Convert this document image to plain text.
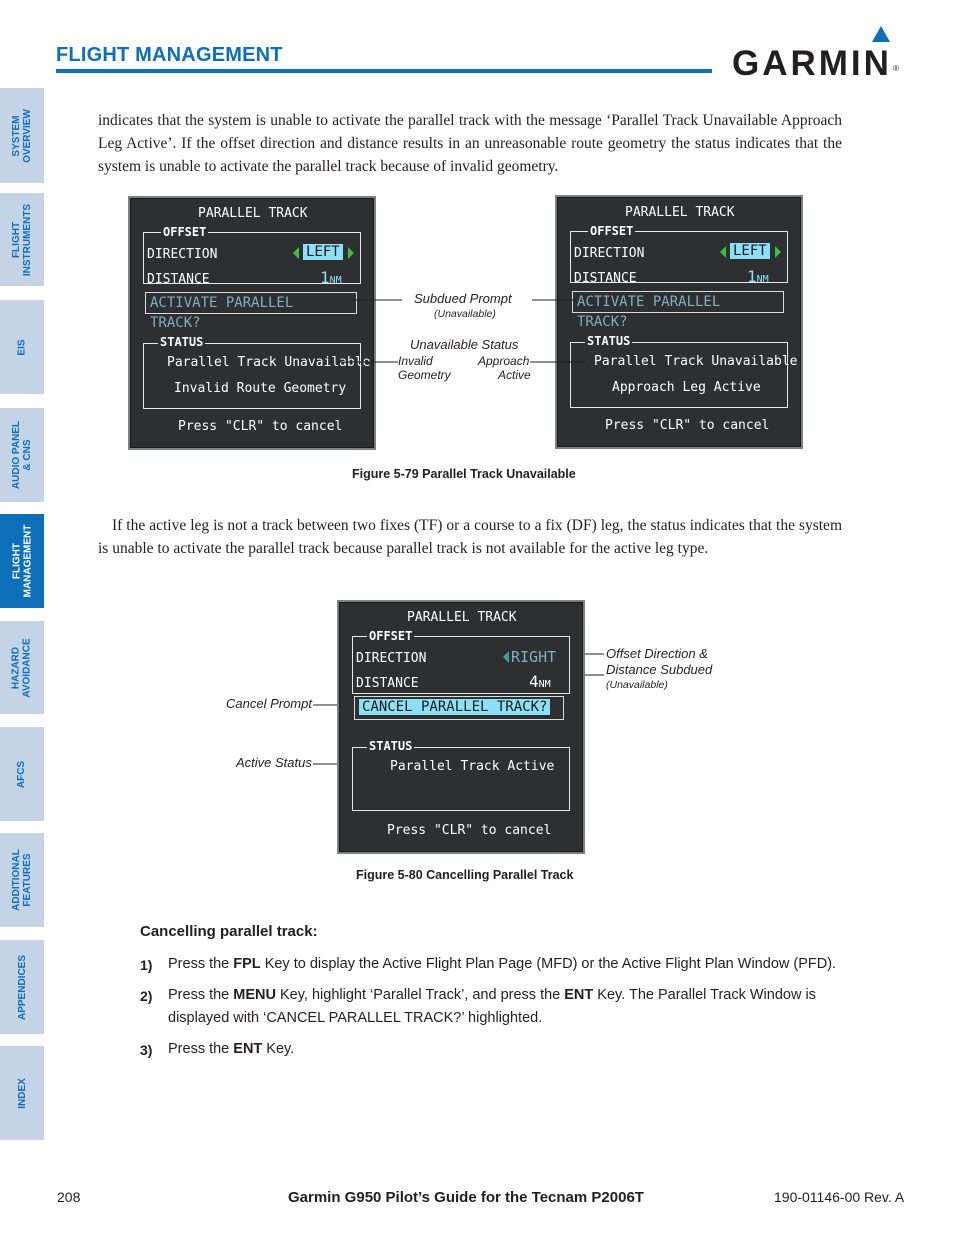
FLIGHT MANAGEMENT	GARMIN ®
SYSTEM
OVERVIEW
FLIGHT
INSTRUMENTS
EIS
AUDIO PANEL
& CNS
FLIGHT
MANAGEMENT
HAZARD
AVOIDANCE
AFCS
ADDITIONAL
FEATURES
APPENDICES
INDEX
indicates that the system is unable to activate the parallel track with the message ‘Parallel Track Unavailable Approach Leg Active’. If the offset direction and distance results in an unreasonable route geometry the status indicates that the system is unable to activate the parallel track because of invalid geometry.
PARALLEL TRACK
OFFSET
DIRECTION	LEFT
DISTANCE	1NM
ACTIVATE PARALLEL TRACK?
STATUS
Parallel Track Unavailable
Invalid Route Geometry
Press "CLR" to cancel
PARALLEL TRACK
OFFSET
DIRECTION	LEFT
DISTANCE	1NM
ACTIVATE PARALLEL TRACK?
STATUS
Parallel Track Unavailable
Approach Leg Active
Press "CLR" to cancel
Subdued Prompt
(Unavailable)
Unavailable Status
Invalid
Geometry
Approach
Active
Figure 5-79 Parallel Track Unavailable
If the active leg is not a track between two fixes (TF) or a course to a fix (DF) leg, the status indicates that the system is unable to activate the parallel track because parallel track is not available for the active leg type.
PARALLEL TRACK
OFFSET
DIRECTION	RIGHT
DISTANCE	4NM
CANCEL PARALLEL TRACK?
STATUS
Parallel Track Active
Press "CLR" to cancel
Cancel Prompt
Active Status
Offset Direction &
Distance Subdued
(Unavailable)
Figure 5-80 Cancelling Parallel Track
Cancelling parallel track:
1) Press the FPL Key to display the Active Flight Plan Page (MFD) or the Active Flight Plan Window (PFD).
2) Press the MENU Key, highlight ‘Parallel Track’, and press the ENT Key. The Parallel Track Window is displayed with ‘CANCEL PARALLEL TRACK?’ highlighted.
3) Press the ENT Key.
208	Garmin G950 Pilot’s Guide for the Tecnam P2006T	190-01146-00 Rev. A
